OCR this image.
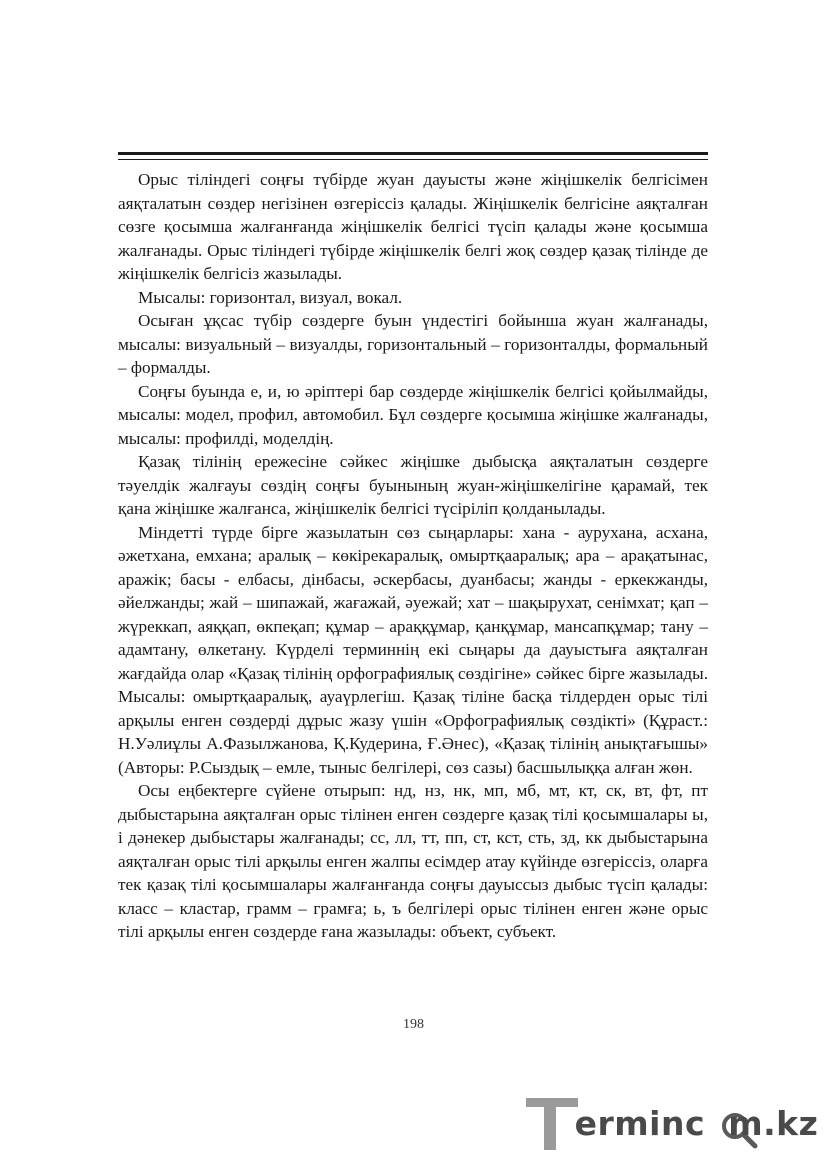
Орыс тіліндегі соңғы түбірде жуан дауысты және жіңішкелік белгісімен аяқталатын сөздер негізінен өзгеріссіз қалады. Жіңішкелік белгісіне аяқталған сөзге қосымша жалғанғанда жіңішкелік белгісі түсіп қалады және қосымша жалғанады. Орыс тіліндегі түбірде жіңішкелік белгі жоқ сөздер қазақ тілінде де жіңішкелік белгісіз жазылады.

Мысалы: горизонтал, визуал, вокал.

Осыған ұқсас түбір сөздерге буын үндестігі бойынша жуан жалғанады, мысалы: визуальный – визуалды, горизонтальный – горизонталды, формальный – формалды.

Соңғы буында е, и, ю әріптері бар сөздерде жіңішкелік белгісі қойылмайды, мысалы: модел, профил, автомобил. Бұл сөздерге қосымша жіңішке жалғанады, мысалы: профилді, моделдің.

Қазақ тілінің ережесіне сәйкес жіңішке дыбысқа аяқталатын сөздерге тәуелдік жалғауы сөздің соңғы буынының жуан-жіңішкелігіне қарамай, тек қана жіңішке жалғанса, жіңішкелік белгісі түсіріліп қолданылады.

Міндетті түрде бірге жазылатын сөз сыңарлары: хана - аурухана, асхана, әжетхана, емхана; аралық – көкірекаралық, омыртқааралық; ара – арақатынас, аражік; басы - елбасы, дінбасы, әскербасы, дуанбасы; жанды - еркекжанды, әйелжанды; жай – шипажай, жағажай, әуежай; хат – шақырухат, сенімхат; қап – жүреккап, аяққап, өкпеқап; құмар – араққұмар, қанқұмар, мансапқұмар; тану – адамтану, өлкетану. Күрделі терминнің екі сыңары да дауыстыға аяқталған жағдайда олар «Қазақ тілінің орфографиялық сөздігіне» сәйкес бірге жазылады. Мысалы: омыртқааралық, ауаүрлегіш. Қазақ тіліне басқа тілдерден орыс тілі арқылы енген сөздерді дұрыс жазу үшін «Орфографиялық сөздікті» (Құраст.: Н.Уәлиұлы А.Фазылжанова, Қ.Кудерина, Ғ.Әнес), «Қазақ тілінің анықтағышы» (Авторы: Р.Сыздық – емле, тыныс белгілері, сөз сазы) басшылыққа алған жөн.

Осы еңбектерге сүйене отырып: нд, нз, нк, мп, мб, мт, кт, ск, вт, фт, пт дыбыстарына аяқталған орыс тілінен енген сөздерге қазақ тілі қосымшалары ы, і дәнекер дыбыстары жалғанады; сс, лл, тт, пп, ст, кст, сть, зд, кк дыбыстарына аяқталған орыс тілі арқылы енген жалпы есімдер атау күйінде өзгеріссіз, оларға тек қазақ тілі қосымшалары жалғанғанда соңғы дауыссыз дыбыс түсіп қалады: класс – кластар, грамм – грамға; ь, ъ белгілері орыс тілінен енген және орыс тілі арқылы енген сөздерде ғана жазылады: объект, субъект.

198
erminc m.kz
